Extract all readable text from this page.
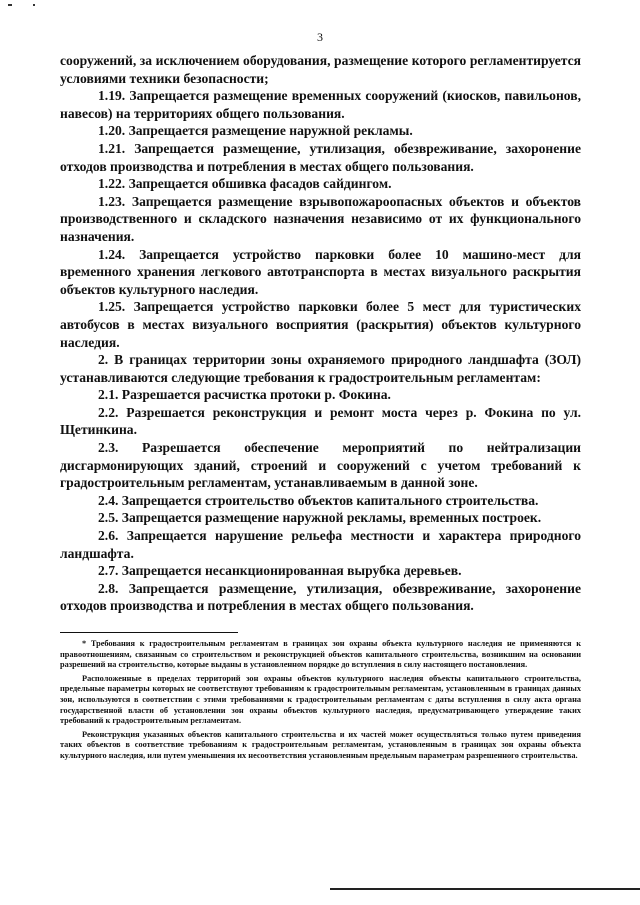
3

сооружений, за исключением оборудования, размещение которого регламентируется условиями техники безопасности;

1.19. Запрещается размещение временных сооружений (киосков, павильонов, навесов) на территориях общего пользования.

1.20. Запрещается размещение наружной рекламы.

1.21. Запрещается размещение, утилизация, обезвреживание, захоронение отходов производства и потребления в местах общего пользования.

1.22. Запрещается обшивка фасадов сайдингом.

1.23. Запрещается размещение взрывопожароопасных объектов и объектов производственного и складского назначения независимо от их функционального назначения.

1.24. Запрещается устройство парковки более 10 машино-мест для временного хранения легкового автотранспорта в местах визуального раскрытия объектов культурного наследия.

1.25. Запрещается устройство парковки более 5 мест для туристических автобусов в местах визуального восприятия (раскрытия) объектов культурного наследия.

2. В границах территории зоны охраняемого природного ландшафта (ЗОЛ) устанавливаются следующие требования к градостроительным регламентам:

2.1. Разрешается расчистка протоки р. Фокина.

2.2. Разрешается реконструкция и ремонт моста через р. Фокина по ул. Щетинкина.

2.3. Разрешается обеспечение мероприятий по нейтрализации дисгармонирующих зданий, строений и сооружений с учетом требований к градостроительным регламентам, устанавливаемым в данной зоне.

2.4. Запрещается строительство объектов капитального строительства.

2.5. Запрещается размещение наружной рекламы, временных построек.

2.6. Запрещается нарушение рельефа местности и характера природного ландшафта.

2.7. Запрещается несанкционированная вырубка деревьев.

2.8. Запрещается размещение, утилизация, обезвреживание, захоронение отходов производства и потребления в местах общего пользования.

* Требования к градостроительным регламентам в границах зон охраны объекта культурного наследия не применяются к правоотношениям, связанным со строительством и реконструкцией объектов капитального строительства, возникшим на основании разрешений на строительство, которые выданы в установленном порядке до вступления в силу настоящего постановления.

Расположенные в пределах территорий зон охраны объектов культурного наследия объекты капитального строительства, предельные параметры которых не соответствуют требованиям к градостроительным регламентам, установленным в границах данных зон, используются в соответствии с этими требованиями к градостроительным регламентам с даты вступления в силу акта органа государственной власти об установлении зон охраны объектов культурного наследия, предусматривающего утверждение таких требований к градостроительным регламентам.

Реконструкция указанных объектов капитального строительства и их частей может осуществляться только путем приведения таких объектов в соответствие требованиям к градостроительным регламентам, установленным в границах зон охраны объекта культурного наследия, или путем уменьшения их несоответствия установленным предельным параметрам разрешенного строительства.
